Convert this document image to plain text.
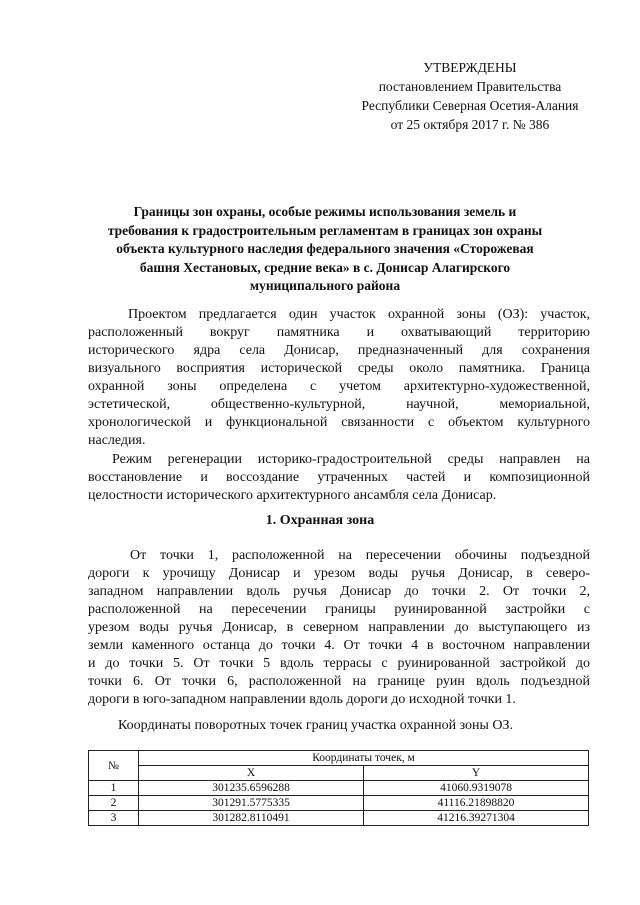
УТВЕРЖДЕНЫ
постановлением Правительства
Республики Северная Осетия-Алания
от 25 октября 2017 г. № 386
Границы зон охраны, особые режимы использования земель и
требования к градостроительным регламентам в границах зон охраны
объекта культурного наследия федерального значения «Сторожевая
башня Хестановых, средние века» в с. Донисар Алагирского
муниципального района
Проектом предлагается один участок охранной зоны (ОЗ): участок,
расположенный вокруг памятника и охватывающий территорию
исторического ядра села Донисар, предназначенный для сохранения
визуального восприятия исторической среды около памятника. Граница
охранной зоны определена с учетом архитектурно-художественной,
эстетической, общественно-культурной, научной, мемориальной,
хронологической и функциональной связанности с объектом культурного
наследия.
Режим регенерации историко-градостроительной среды направлен на
восстановление и воссоздание утраченных частей и композиционной
целостности исторического архитектурного ансамбля села Донисар.
1. Охранная зона
От точки 1, расположенной на пересечении обочины подъездной
дороги к урочищу Донисар и урезом воды ручья Донисар, в северо-
западном направлении вдоль ручья Донисар до точки 2. От точки 2,
расположенной на пересечении границы руинированной застройки с
урезом воды ручья Донисар, в северном направлении до выступающего из
земли каменного останца до точки 4. От точки 4 в восточном направлении
и до точки 5. От точки 5 вдоль террасы с руинированной застройкой до
точки 6. От точки 6, расположенной на границе руин вдоль подъездной
дороги в юго-западном направлении вдоль дороги до исходной точки 1.
Координаты поворотных точек границ участка охранной зоны ОЗ.
№	Координаты точек, м	
	X	Y
1	301235.6596288	41060.9319078
2	301291.5775335	41116.21898820
3	301282.8110491	41216.39271304
